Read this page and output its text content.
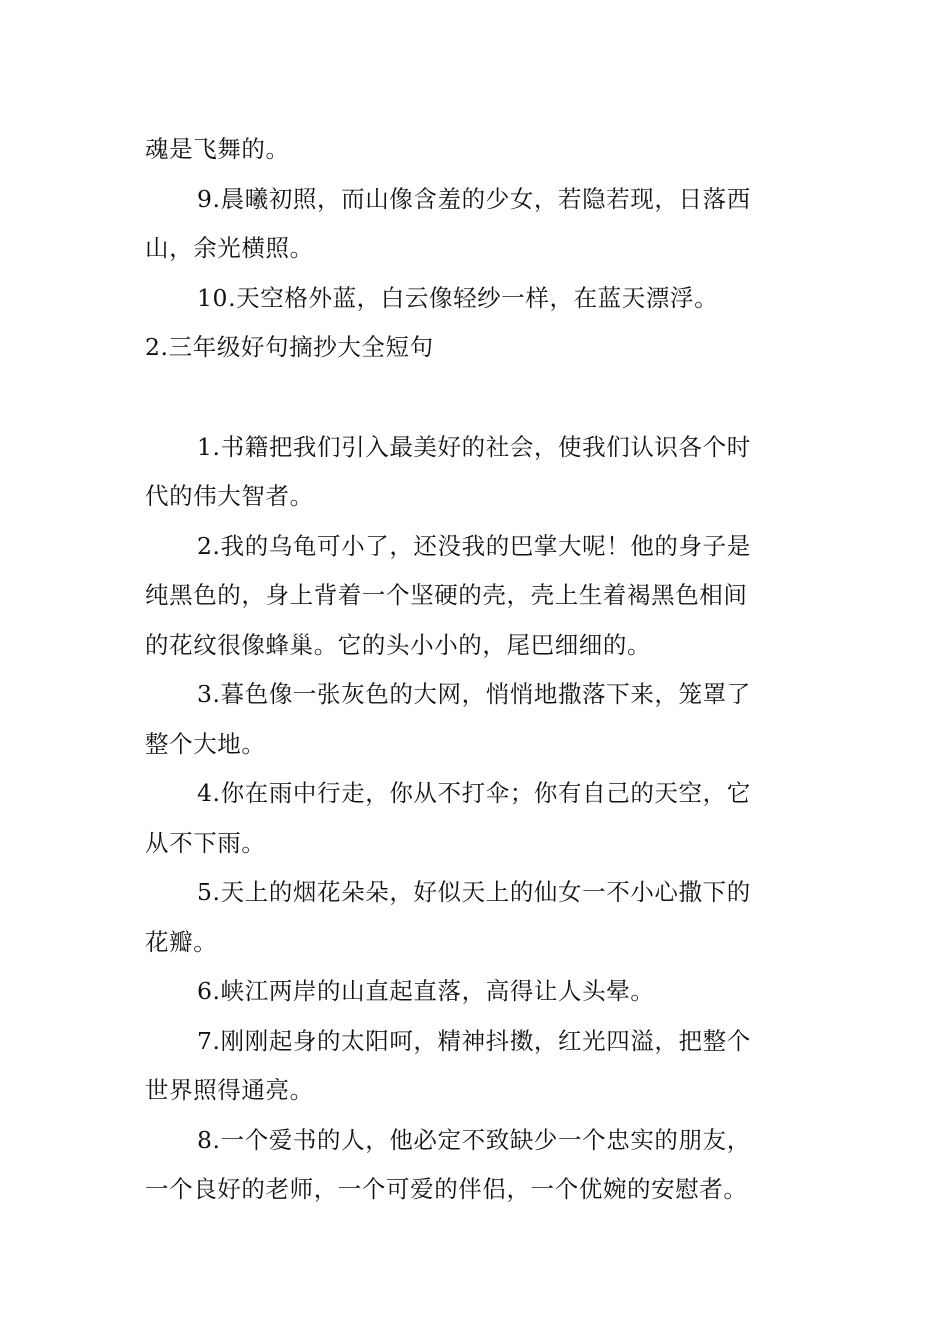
魂是飞舞的。
9.晨曦初照，而山像含羞的少女，若隐若现，日落西
山，余光横照。
10.天空格外蓝，白云像轻纱一样，在蓝天漂浮。
2.三年级好句摘抄大全短句
1.书籍把我们引入最美好的社会，使我们认识各个时
代的伟大智者。
2.我的乌龟可小了，还没我的巴掌大呢！他的身子是
纯黑色的，身上背着一个坚硬的壳，壳上生着褐黑色相间
的花纹很像蜂巢。它的头小小的，尾巴细细的。
3.暮色像一张灰色的大网，悄悄地撒落下来，笼罩了
整个大地。
4.你在雨中行走，你从不打伞；你有自己的天空，它
从不下雨。
5.天上的烟花朵朵，好似天上的仙女一不小心撒下的
花瓣。
6.峡江两岸的山直起直落，高得让人头晕。
7.刚刚起身的太阳呵，精神抖擞，红光四溢，把整个
世界照得通亮。
8.一个爱书的人，他必定不致缺少一个忠实的朋友，
一个良好的老师，一个可爱的伴侣，一个优婉的安慰者。
